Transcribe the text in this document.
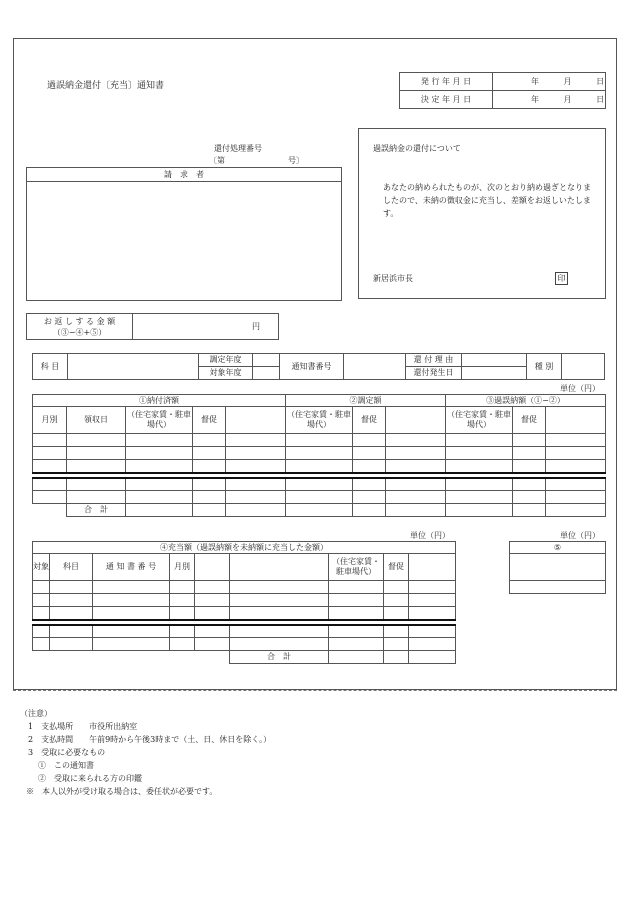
過誤納金還付〔充当〕通知書	発 行 年 月 日	年 月 日
決 定 年 月 日	年 月 日
還付処理番号
〔第	号〕
請　求　者
過誤納金の還付について
あなたの納められたものが、次のとおり納め過ぎとなりましたので、未納の徴収金に充当し、差額をお返しいたします。
新居浜市長	印
お 返 し す る 金 額
（③−④+⑤）
	円
科 目		調定年度		通知書番号		還 付 理 由		種 別	
		対象年度				還付発生日			
単位（円）
①納付済額					②調定額			③過誤納額（①−②）		
月別	領収日	（住宅家賃・駐車場代）	督促		（住宅家賃・駐車場代）	督促		（住宅家賃・駐車場代）	督促	

	合　計									
単位（円）	単位（円）
④充当額（過誤納額を未納額に充当した金額）								
対象	科目	通 知 書 番 号	月別			（住宅家賃・駐車場代）	督促	

					合　計			
⑤

（注意）
1　支払場所　　市役所出納室
2　支払時間　　午前9時から午後3時まで（土、日、休日を除く。）
3　受取に必要なもの
①　この通知書
②　受取に来られる方の印鑑
※　本人以外が受け取る場合は、委任状が必要です。
